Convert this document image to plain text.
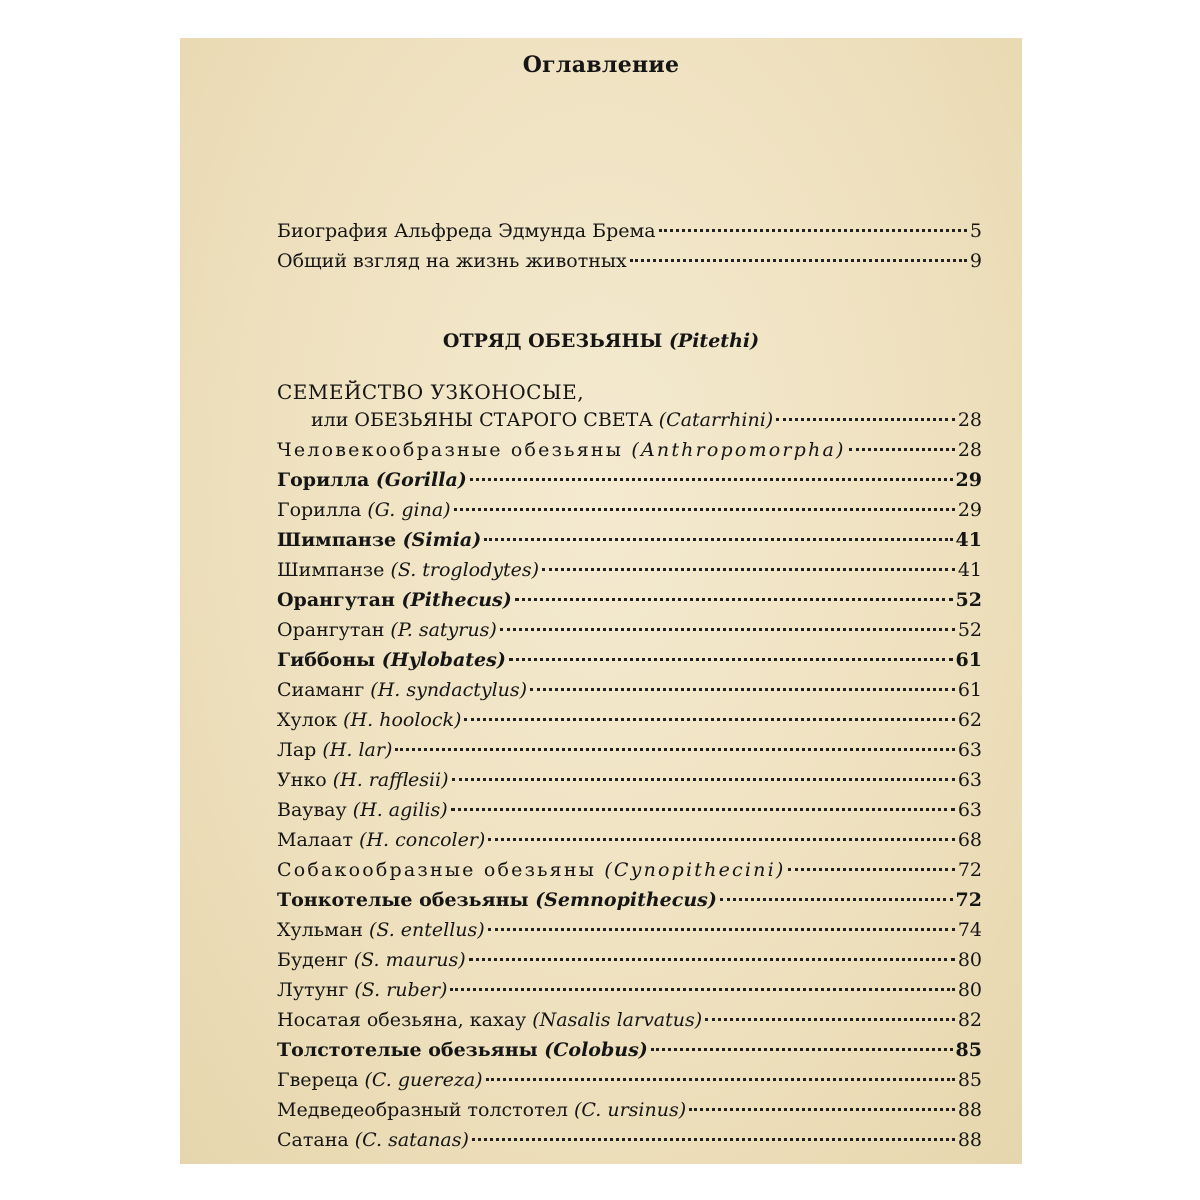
Оглавление
Биография Альфреда Эдмунда Брема	5
Общий взгляд на жизнь животных	9
ОТРЯД ОБЕЗЬЯНЫ (Pitethi)
СЕМЕЙСТВО УЗКОНОСЫЕ,
или ОБЕЗЬЯНЫ СТАРОГО СВЕТА (Catarrhini)	28
Человекообразные обезьяны (Anthropomorpha)	28
Горилла (Gorilla)	29
Горилла (G. gina)	29
Шимпанзе (Simia)	41
Шимпанзе (S. troglodytes)	41
Орангутан (Pithecus)	52
Орангутан (P. satyrus)	52
Гиббоны (Hylobates)	61
Сиаманг (H. syndactylus)	61
Хулок (H. hoolock)	62
Лар (H. lar)	63
Унко (H. rafflesii)	63
Ваувау (H. agilis)	63
Малаат (H. concoler)	68
Собакообразные обезьяны (Cynopithecini)	72
Тонкотелые обезьяны (Semnopithecus)	72
Хульман (S. entellus)	74
Буденг (S. maurus)	80
Лутунг (S. ruber)	80
Носатая обезьяна, кахау (Nasalis larvatus)	82
Толстотелые обезьяны (Colobus)	85
Гвереца (C. guereza)	85
Медведеобразный толстотел (C. ursinus)	88
Сатана (C. satanas)	88
